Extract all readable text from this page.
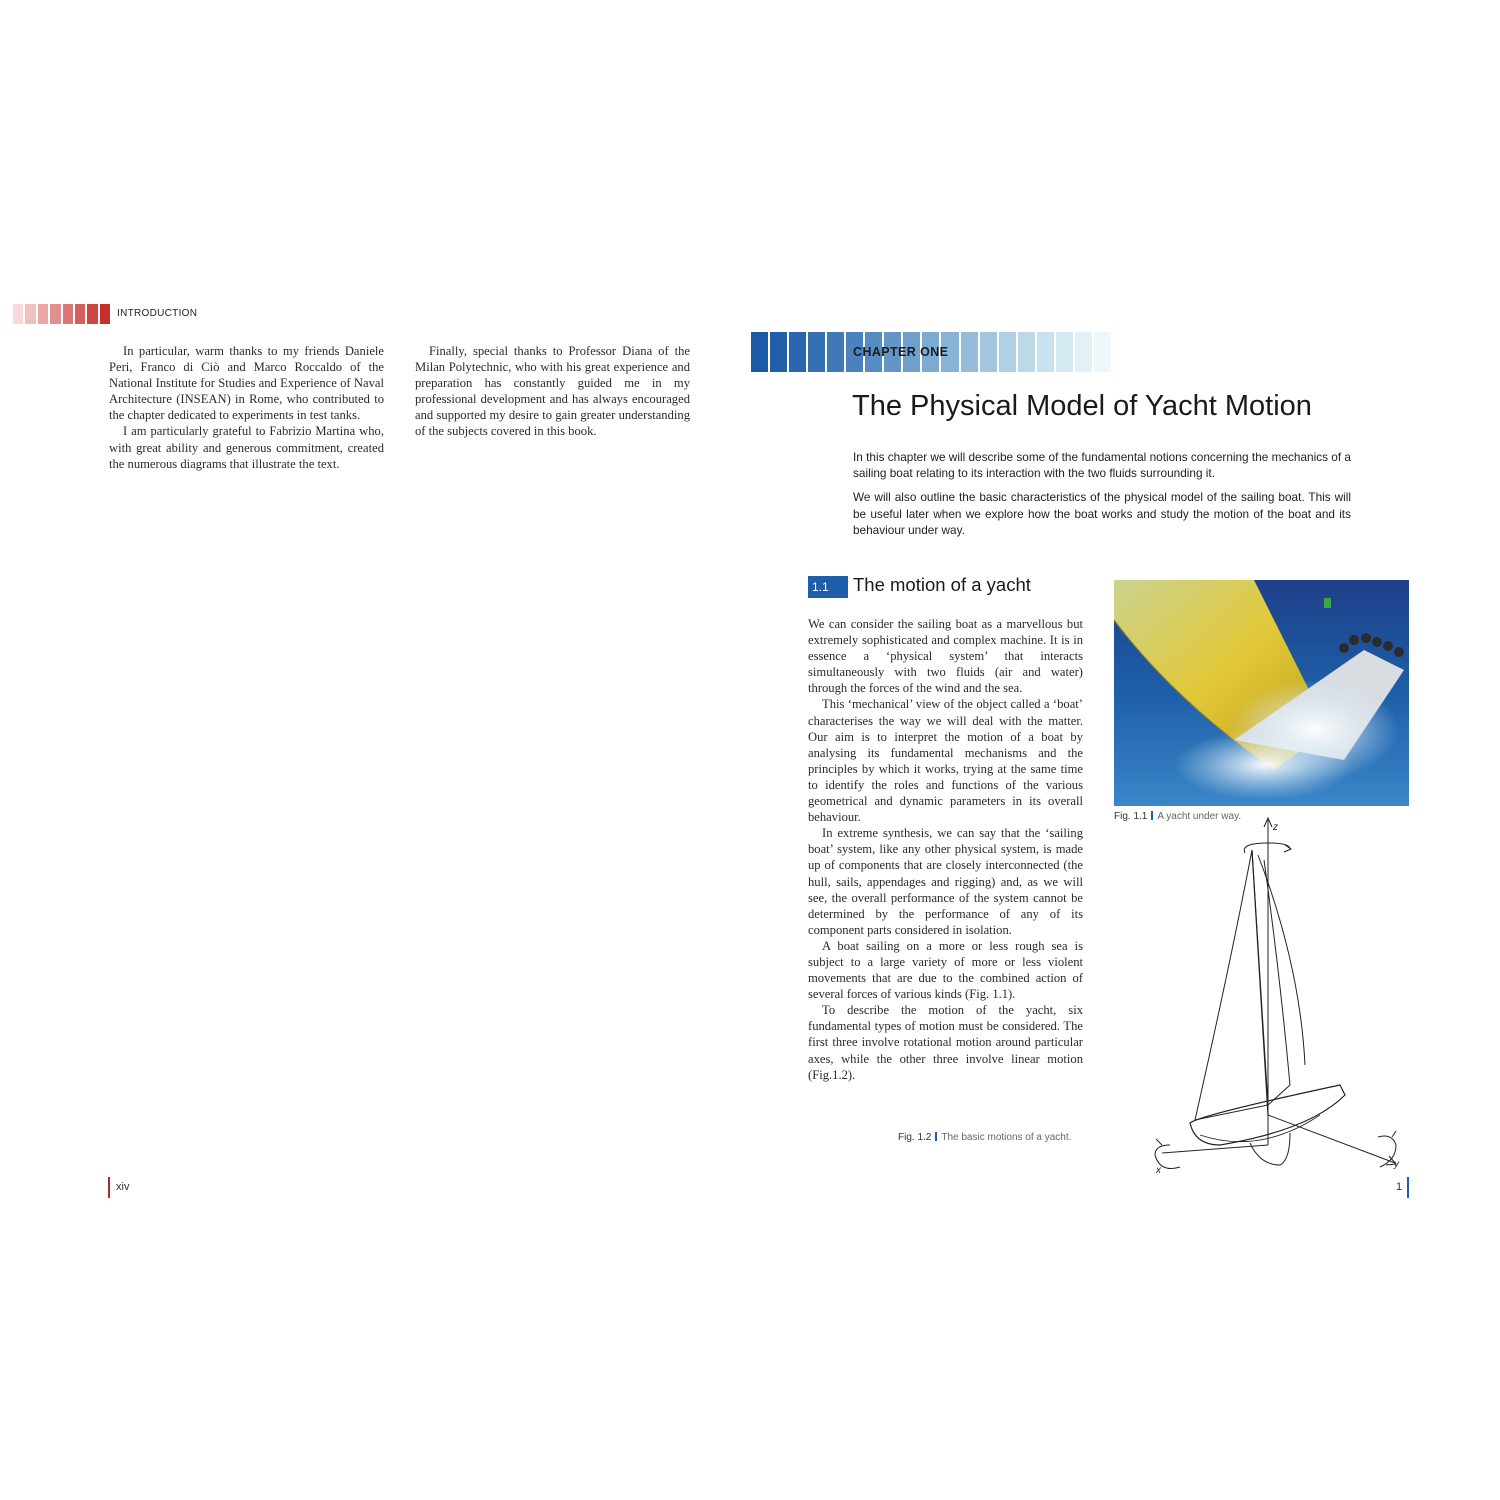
INTRODUCTION

In particular, warm thanks to my friends Daniele Peri, Franco di Ciò and Marco Roccaldo of the National Institute for Studies and Experience of Naval Architecture (INSEAN) in Rome, who contributed to the chapter dedicated to experiments in test tanks.

I am particularly grateful to Fabrizio Martina who, with great ability and generous commitment, created the numerous diagrams that illustrate the text.

Finally, special thanks to Professor Diana of the Milan Polytechnic, who with his great experience and preparation has constantly guided me in my professional development and has always encouraged and supported my desire to gain greater understanding of the subjects covered in this book.

xiv
CHAPTER ONE
The Physical Model of Yacht Motion

In this chapter we will describe some of the fundamental notions concerning the mechanics of a sailing boat relating to its interaction with the two fluids surrounding it.

We will also outline the basic characteristics of the physical model of the sailing boat. This will be useful later when we explore how the boat works and study the motion of the boat and its behaviour under way.

1.1 The motion of a yacht

We can consider the sailing boat as a marvellous but extremely sophisticated and complex machine. It is in essence a ‘physical system’ that interacts simultaneously with two fluids (air and water) through the forces of the wind and the sea.

This ‘mechanical’ view of the object called a ‘boat’ characterises the way we will deal with the matter. Our aim is to interpret the motion of a boat by analysing its fundamental mechanisms and the principles by which it works, trying at the same time to identify the roles and functions of the various geometrical and dynamic parameters in its overall behaviour.

In extreme synthesis, we can say that the ‘sailing boat’ system, like any other physical system, is made up of components that are closely interconnected (the hull, sails, appendages and rigging) and, as we will see, the overall performance of the system cannot be determined by the performance of any of its component parts considered in isolation.

A boat sailing on a more or less rough sea is subject to a large variety of more or less violent movements that are due to the combined action of several forces of various kinds (Fig. 1.1).

To describe the motion of the yacht, six fundamental types of motion must be considered. The first three involve rotational motion around particular axes, while the other three involve linear motion (Fig.1.2).

Fig. 1.1 A yacht under way.
z
x
y
Fig. 1.2 The basic motions of a yacht.
1
